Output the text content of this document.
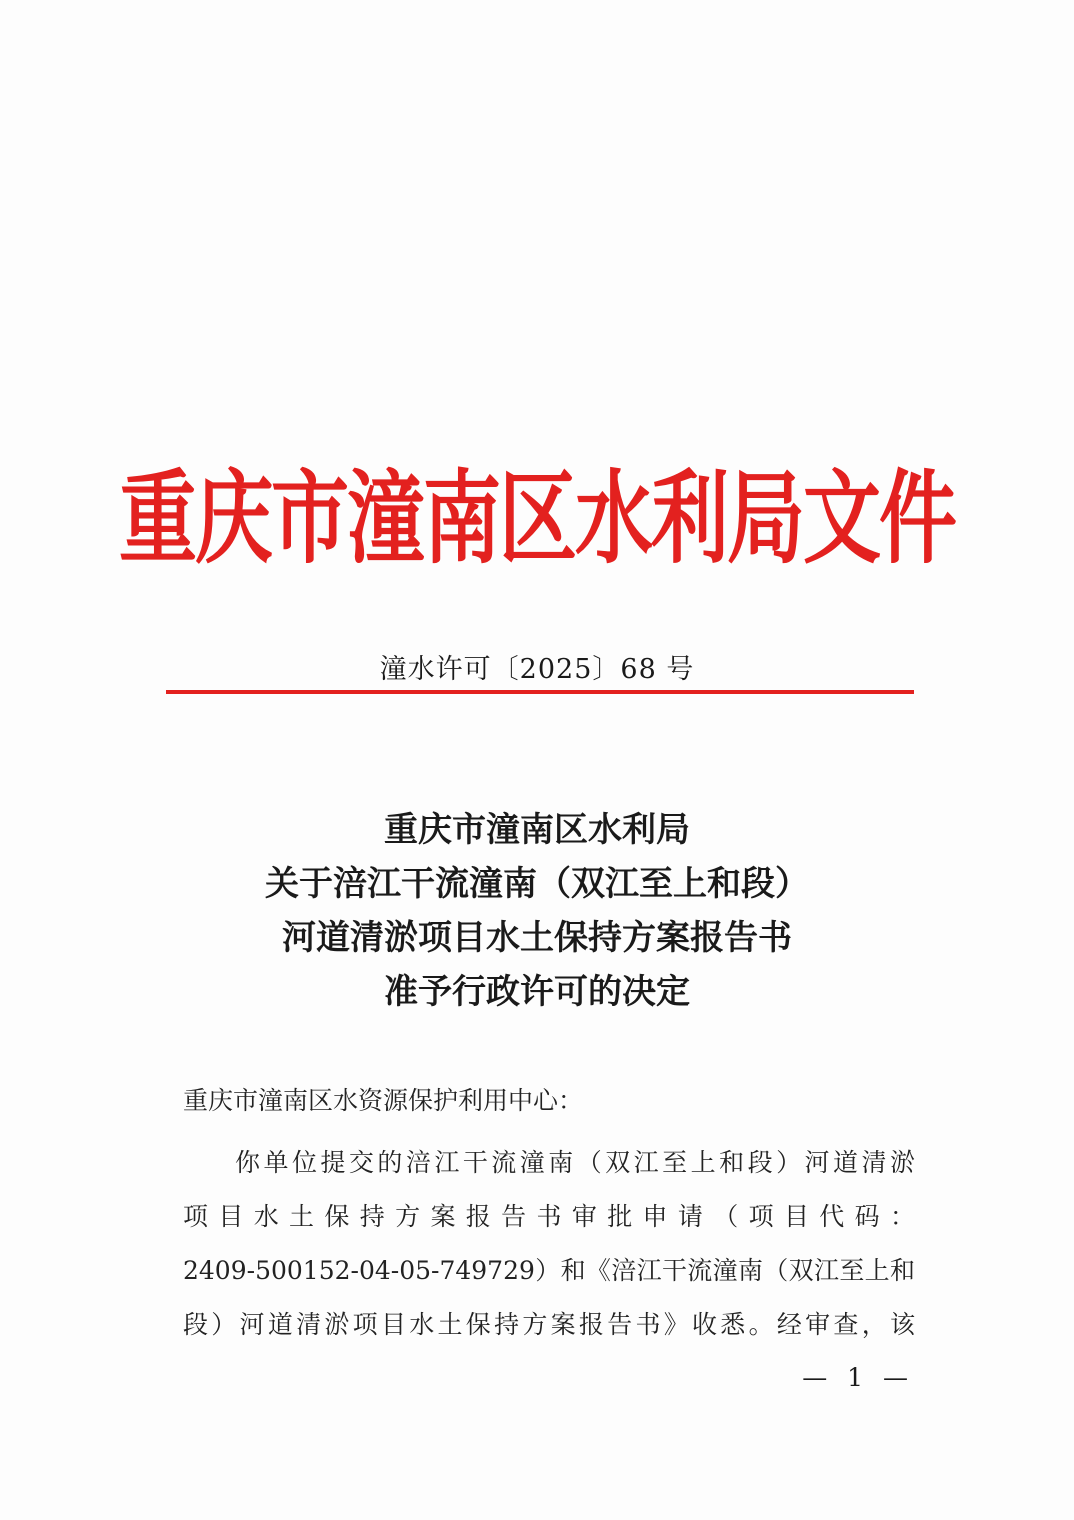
重庆市潼南区水利局文件
潼水许可〔2025〕68 号
重庆市潼南区水利局
关于涪江干流潼南（双江至上和段）
河道清淤项目水土保持方案报告书
准予行政许可的决定
重庆市潼南区水资源保护利用中心：
你单位提交的涪江干流潼南（双江至上和段）河道清淤
项目水土保持方案报告书审批申请（项目代码：
2409-500152-04-05-749729）和《涪江干流潼南（双江至上和
段）河道清淤项目水土保持方案报告书》收悉。经审查，该
— 1 —
